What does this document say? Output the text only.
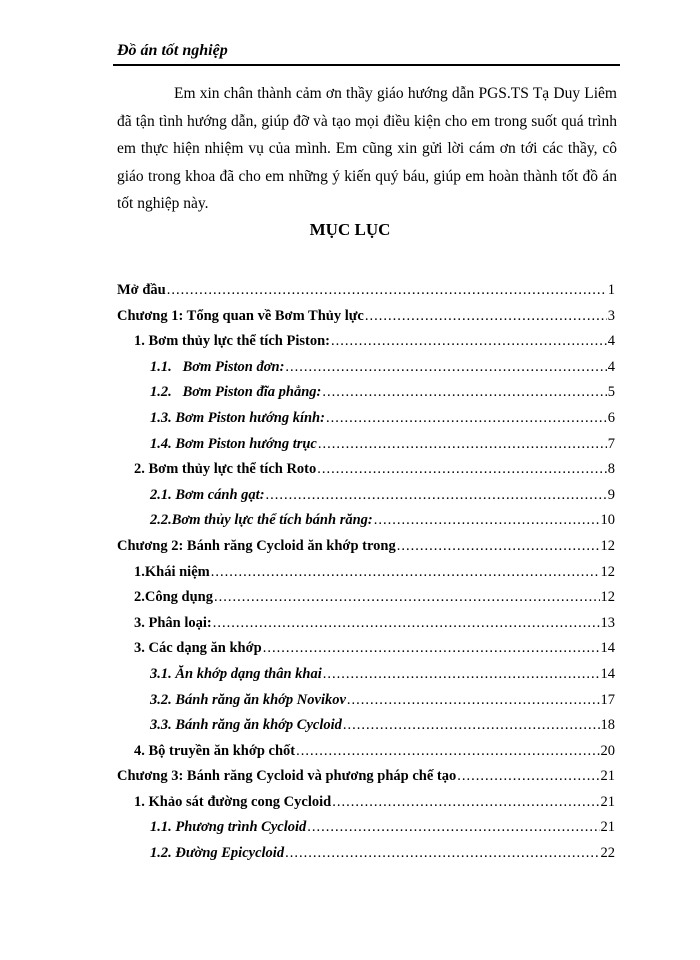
Đồ án tốt nghiệp
Em xin chân thành cảm ơn thầy giáo hướng dẫn PGS.TS Tạ Duy Liêm đã tận tình hướng dẫn, giúp đỡ và tạo mọi điều kiện cho em trong suốt quá trình em thực hiện nhiệm vụ của mình. Em cũng xin gửi lời cám ơn tới các thầy, cô giáo trong khoa đã cho em những ý kiến quý báu, giúp em hoàn thành tốt đồ án tốt nghiệp này.
MỤC LỤC
Mở đầu .....	1
Chương 1: Tổng quan về Bơm Thủy lực .....	3
1. Bơm thủy lực thể tích Piston: .....	4
1.1.   Bơm Piston đơn: .....	4
1.2.   Bơm Piston đĩa phẳng: .....	5
1.3. Bơm Piston hướng kính: .....	6
1.4. Bơm Piston hướng trục .....	7
2. Bơm thủy lực thể tích Roto .....	8
2.1. Bơm cánh gạt: .....	9
2.2.Bơm thủy lực thể tích bánh răng: .....	10
Chương 2: Bánh răng Cycloid ăn khớp trong .....	12
1.Khái niệm .....	12
2.Công dụng .....	12
3. Phân loại: .....	13
3. Các dạng ăn khớp .....	14
3.1. Ăn khớp dạng thân khai .....	14
3.2. Bánh răng ăn khớp Novikov .....	17
3.3. Bánh răng ăn khớp Cycloid .....	18
4. Bộ truyền ăn khớp chốt .....	20
Chương 3: Bánh răng Cycloid và phương pháp chế tạo .....	21
1. Khảo sát đường cong Cycloid .....	21
1.1. Phương trình Cycloid .....	21
1.2. Đường Epicycloid .....	22
